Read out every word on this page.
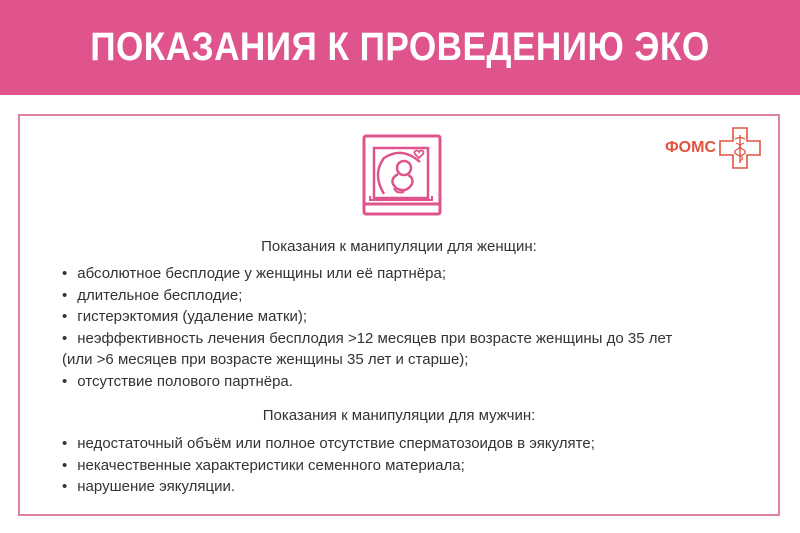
ПОКАЗАНИЯ К ПРОВЕДЕНИЮ ЭКО
ФОМС
Показания к манипуляции для женщин:
• абсолютное бесплодие у женщины или её партнёра;
• длительное бесплодие;
• гистерэктомия (удаление матки);
• неэффективность лечения бесплодия >12 месяцев при возрасте женщины до 35 лет
(или >6 месяцев при возрасте женщины 35 лет и старше);
• отсутствие полового партнёра.
Показания к манипуляции для мужчин:
• недостаточный объём или полное отсутствие сперматозоидов в эякуляте;
• некачественные характеристики семенного материала;
• нарушение эякуляции.
